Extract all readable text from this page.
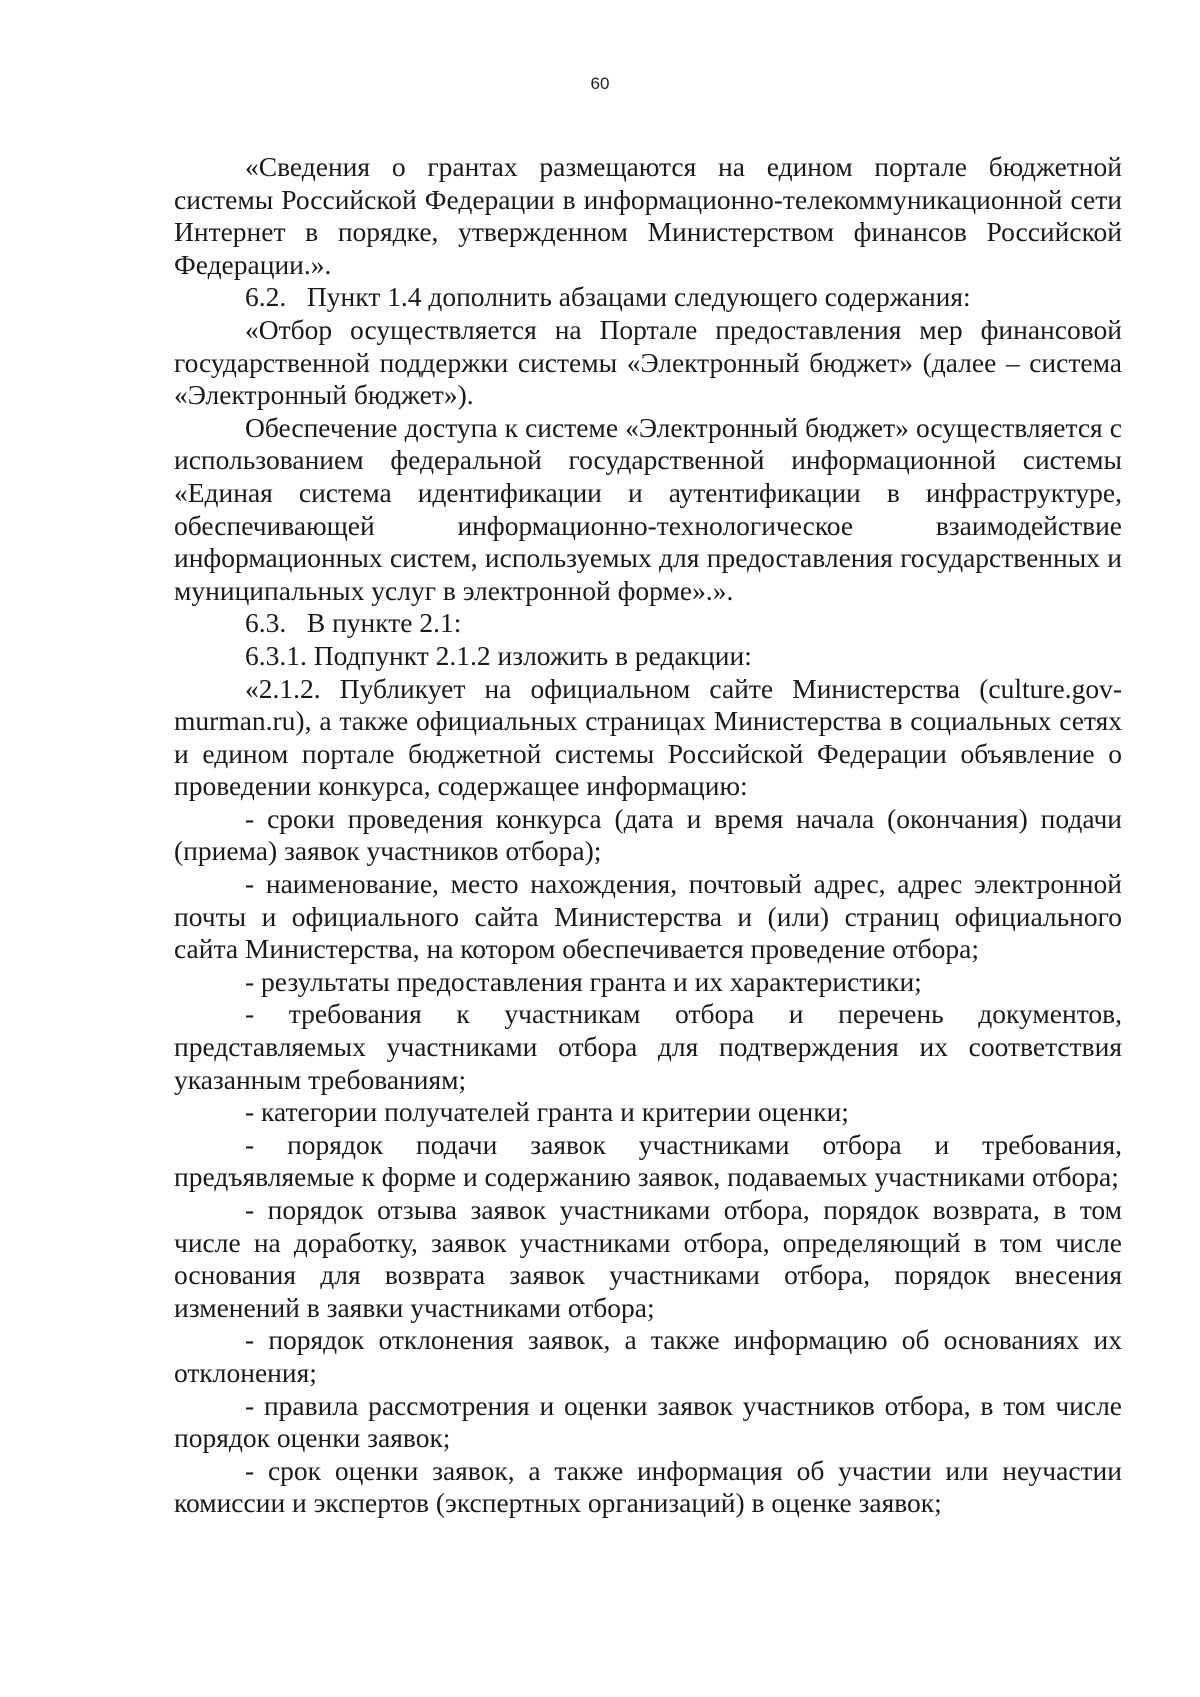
60

«Сведения о грантах размещаются на едином портале бюджетной системы Российской Федерации в информационно-телекоммуникационной сети Интернет в порядке, утвержденном Министерством финансов Российской Федерации.».

6.2.   Пункт 1.4 дополнить абзацами следующего содержания:

«Отбор осуществляется на Портале предоставления мер финансовой государственной поддержки системы «Электронный бюджет» (далее – система «Электронный бюджет»).

Обеспечение доступа к системе «Электронный бюджет» осуществляется с использованием федеральной государственной информационной системы «Единая система идентификации и аутентификации в инфраструктуре, обеспечивающей информационно-технологическое взаимодействие информационных систем, используемых для предоставления государственных и муниципальных услуг в электронной форме».».

6.3.   В пункте 2.1:

6.3.1. Подпункт 2.1.2 изложить в редакции:

«2.1.2. Публикует на официальном сайте Министерства (culture.gov-murman.ru), а также официальных страницах Министерства в социальных сетях и едином портале бюджетной системы Российской Федерации объявление о проведении конкурса, содержащее информацию:

- сроки проведения конкурса (дата и время начала (окончания) подачи (приема) заявок участников отбора);

- наименование, место нахождения, почтовый адрес, адрес электронной почты и официального сайта Министерства и (или) страниц официального сайта Министерства, на котором обеспечивается проведение отбора;

- результаты предоставления гранта и их характеристики;

- требования к участникам отбора и перечень документов, представляемых участниками отбора для подтверждения их соответствия указанным требованиям;

- категории получателей гранта и критерии оценки;

- порядок подачи заявок участниками отбора и требования, предъявляемые к форме и содержанию заявок, подаваемых участниками отбора;

- порядок отзыва заявок участниками отбора, порядок возврата, в том числе на доработку, заявок участниками отбора, определяющий в том числе основания для возврата заявок участниками отбора, порядок внесения изменений в заявки участниками отбора;

- порядок отклонения заявок, а также информацию об основаниях их отклонения;

- правила рассмотрения и оценки заявок участников отбора, в том числе порядок оценки заявок;

- срок оценки заявок, а также информация об участии или неучастии комиссии и экспертов (экспертных организаций) в оценке заявок;
